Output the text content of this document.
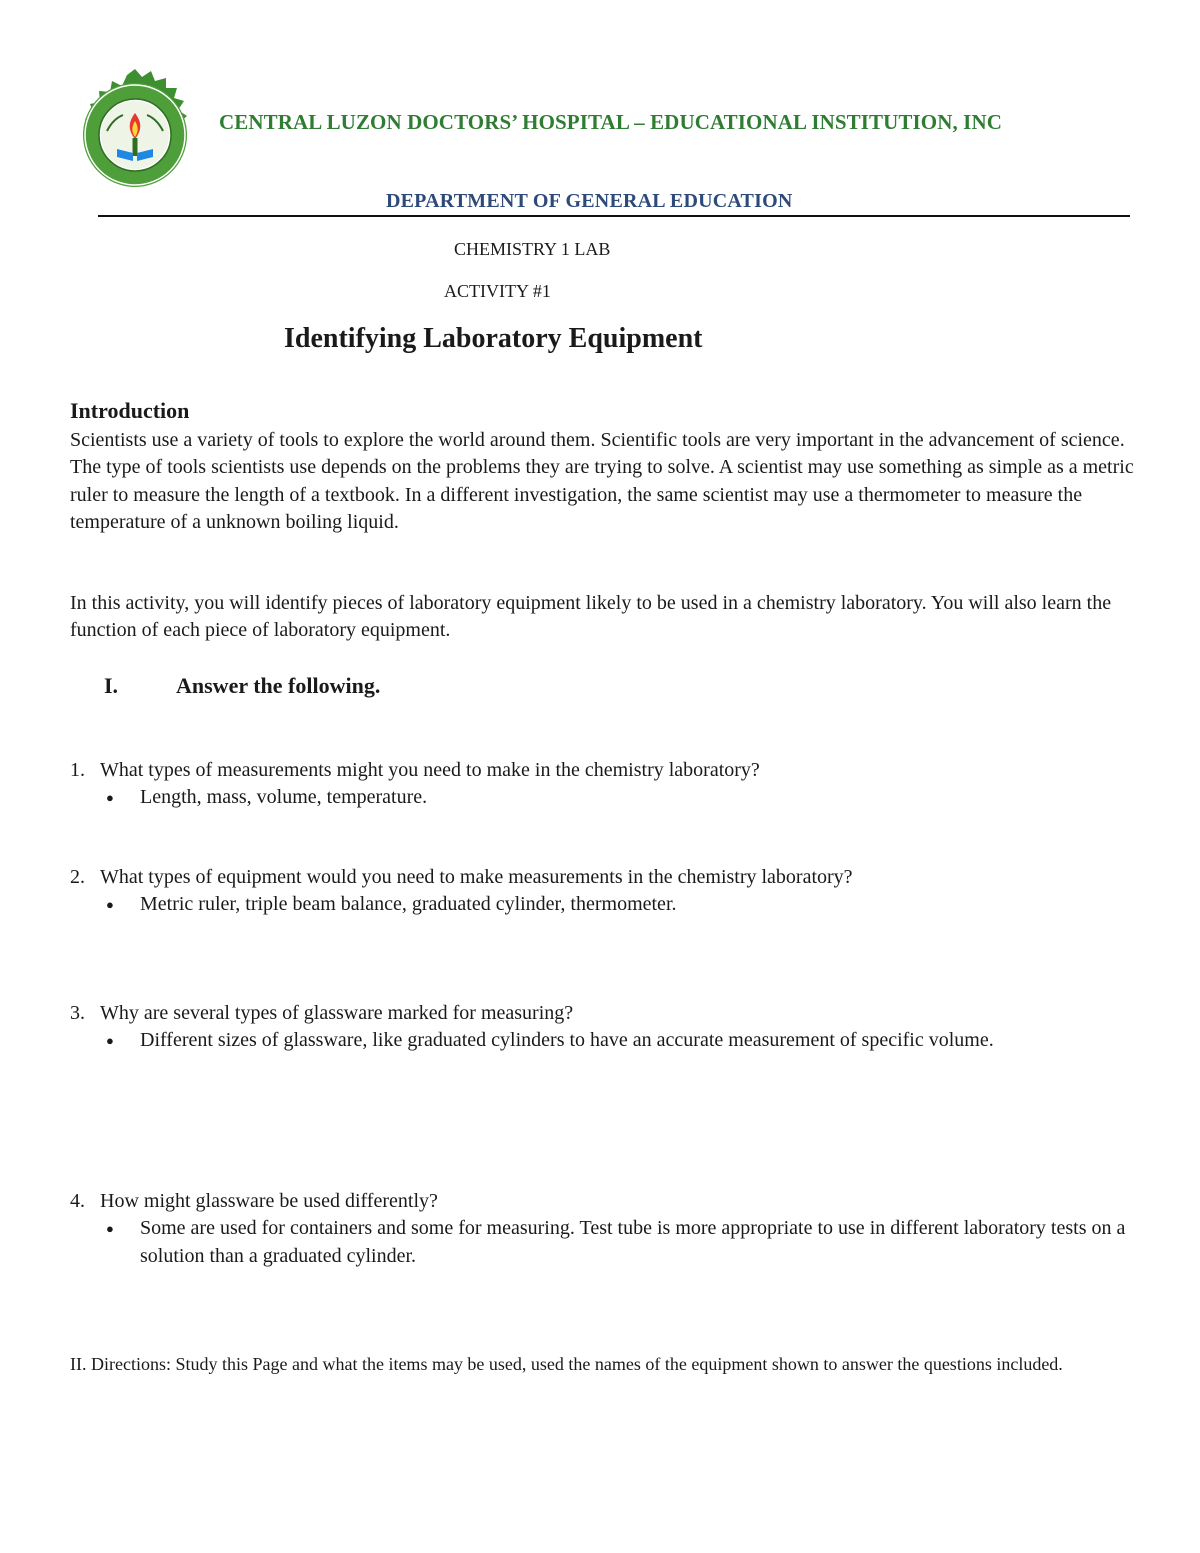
CENTRAL LUZON DOCTORS’ HOSPITAL – EDUCATIONAL INSTITUTION, INC
DEPARTMENT OF GENERAL EDUCATION
CHEMISTRY 1 LAB
ACTIVITY #1
Identifying Laboratory Equipment
Introduction
Scientists use a variety of tools to explore the world around them. Scientific tools are very important in the advancement of science. The type of tools scientists use depends on the problems they are trying to solve. A scientist may use something as simple as a metric ruler to measure the length of a textbook. In a different investigation, the same scientist may use a thermometer to measure the temperature of a unknown boiling liquid.
In this activity, you will identify pieces of laboratory equipment likely to be used in a chemistry laboratory. You will also learn the function of each piece of laboratory equipment.
I.	Answer the following.
1. What types of measurements might you need to make in the chemistry laboratory?
●	Length, mass, volume, temperature.
2. What types of equipment would you need to make measurements in the chemistry laboratory?
●	Metric ruler, triple beam balance, graduated cylinder, thermometer.
3. Why are several types of glassware marked for measuring?
●	Different sizes of glassware, like graduated cylinders to have an accurate measurement of specific volume.
4. How might glassware be used differently?
●	Some are used for containers and some for measuring. Test tube is more appropriate to use in different laboratory tests on a solution than a graduated cylinder.
II. Directions: Study this Page and what the items may be used, used the names of the equipment shown to answer the questions included.
